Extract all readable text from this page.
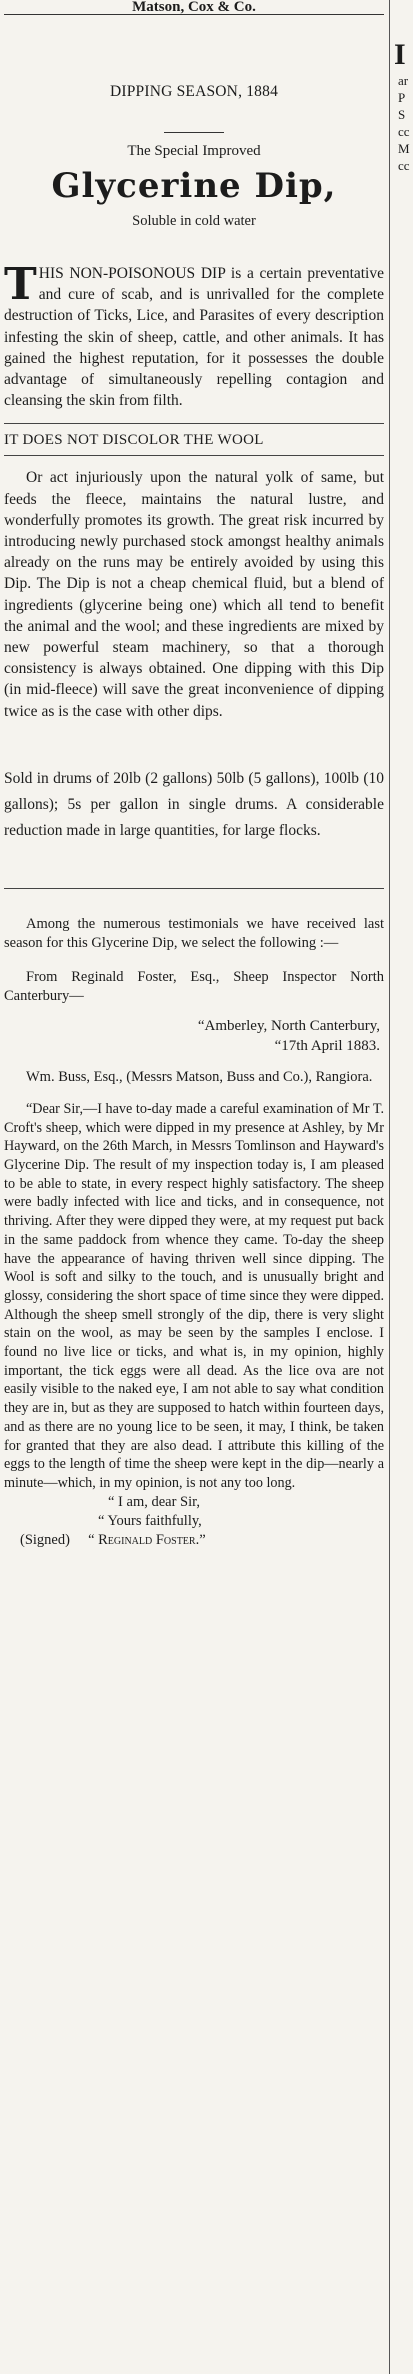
Matson, Cox & Co.
DIPPING SEASON, 1884
The Special Improved
Glycerine Dip,
Soluble in cold water

THIS NON-POISONOUS DIP is a certain preventative and cure of scab, and is unrivalled for the complete destruction of Ticks, Lice, and Parasites of every description infesting the skin of sheep, cattle, and other animals. It has gained the highest reputation, for it possesses the double advantage of simultaneously repelling contagion and cleansing the skin from filth.

IT DOES NOT DISCOLOR THE WOOL

Or act injuriously upon the natural yolk of same, but feeds the fleece, maintains the natural lustre, and wonderfully promotes its growth. The great risk incurred by introducing newly purchased stock amongst healthy animals already on the runs may be entirely avoided by using this Dip. The Dip is not a cheap chemical fluid, but a blend of ingredients (glycerine being one) which all tend to benefit the animal and the wool; and these ingredients are mixed by new powerful steam machinery, so that a thorough consistency is always obtained. One dipping with this Dip (in mid-fleece) will save the great inconvenience of dipping twice as is the case with other dips.

Sold in drums of 20lb (2 gallons) 50lb (5 gallons), 100lb (10 gallons); 5s per gallon in single drums. A considerable reduction made in large quantities, for large flocks.

Among the numerous testimonials we have received last season for this Glycerine Dip, we select the following :—

From Reginald Foster, Esq., Sheep Inspector North Canterbury—

“Amberley, North Canterbury,
“17th April 1883.

Wm. Buss, Esq., (Messrs Matson, Buss and Co.), Rangiora.

“Dear Sir,—I have to-day made a careful examination of Mr T. Croft's sheep, which were dipped in my presence at Ashley, by Mr Hayward, on the 26th March, in Messrs Tomlinson and Hayward's Glycerine Dip. The result of my inspection today is, I am pleased to be able to state, in every respect highly satisfactory. The sheep were badly infected with lice and ticks, and in consequence, not thriving. After they were dipped they were, at my request put back in the same paddock from whence they came. To-day the sheep have the appearance of having thriven well since dipping. The Wool is soft and silky to the touch, and is unusually bright and glossy, considering the short space of time since they were dipped. Although the sheep smell strongly of the dip, there is very slight stain on the wool, as may be seen by the samples I enclose. I found no live lice or ticks, and what is, in my opinion, highly important, the tick eggs were all dead. As the lice ova are not easily visible to the naked eye, I am not able to say what condition they are in, but as they are supposed to hatch within fourteen days, and as there are no young lice to be seen, it may, I think, be taken for granted that they are also dead. I attribute this killing of the eggs to the length of time the sheep were kept in the dip—nearly a minute—which, in my opinion, is not any too long.

“ I am, dear Sir,

“ Yours faithfully,

(Signed) “ Reginald Foster.”

I
ar
P
S
cc
M
cc
